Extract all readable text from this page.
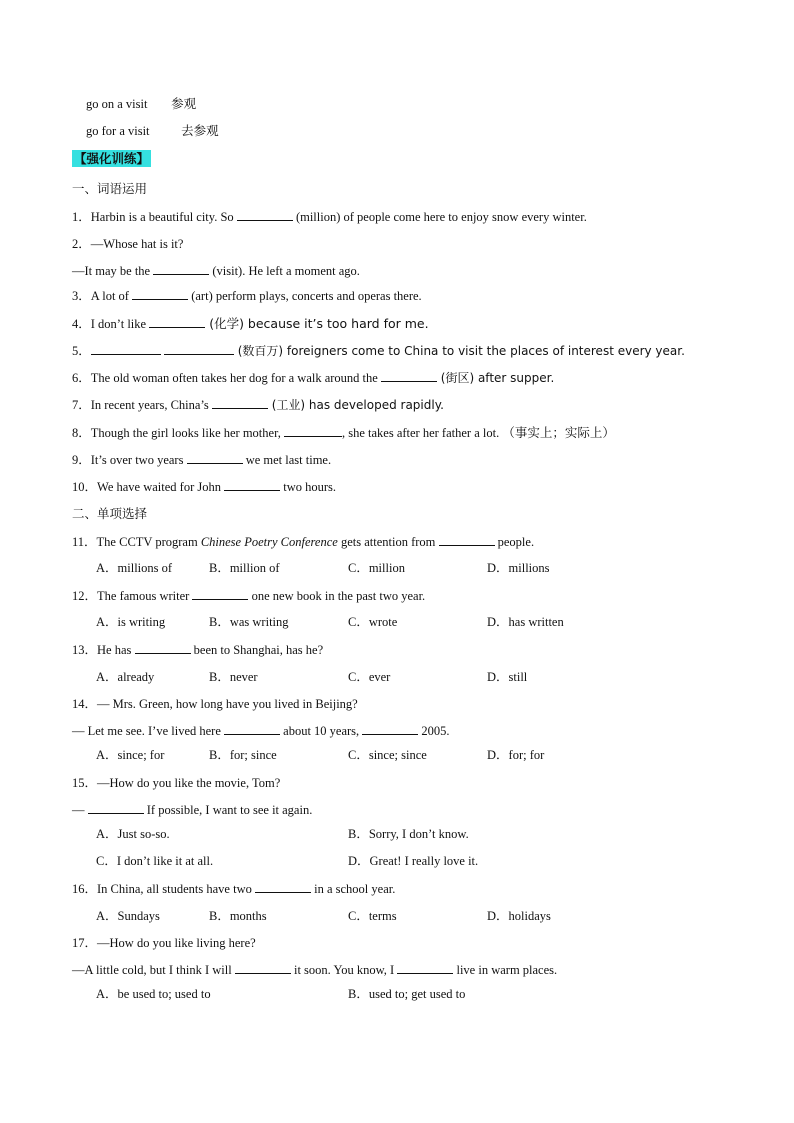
go on a visit 参观
go for a visit	去参观
【强化训练】
一、词语运用
1．Harbin is a beautiful city. So	(million) of people come here to enjoy snow every winter.
2．—Whose hat is it?
—It may be the	(visit). He left a moment ago.
3．A lot of	(art) perform plays, concerts and operas there.
4．I don’t like	(化学) because it’s too hard for me.
5．	(数百万) foreigners come to China to visit the places of interest every year.
6．The old woman often takes her dog for a walk around the	(街区) after supper.
7．In recent years, China’s	(工业) has developed rapidly.
8．Though the girl looks like her mother,	, she takes after her father a lot. （事实上；实际上）
9．It’s over two years	we met last time.
10．We have waited for John	two hours.
二、单项选择
11．The CCTV program Chinese Poetry Conference gets attention from	people.
A．millions of	B．million of	C．million	D．millions
12．The famous writer	one new book in the past two year.
A．is writing	B．was writing	C．wrote	D．has written
13．He has	been to Shanghai, has he?
A．already	B．never	C．ever	D．still
14．— Mrs. Green, how long have you lived in Beijing?
— Let me see. I’ve lived here	about 10 years,	2005.
A．since; for	B．for; since	C．since; since	D．for; for
15．—How do you like the movie, Tom?
—	If possible, I want to see it again.
A．Just so-so.	B．Sorry, I don’t know.
C．I don’t like it at all.	D．Great! I really love it.
16．In China, all students have two	in a school year.
A．Sundays	B．months	C．terms	D．holidays
17．—How do you like living here?
—A little cold, but I think I will	it soon. You know, I	live in warm places.
A．be used to; used to	B．used to; get used to
